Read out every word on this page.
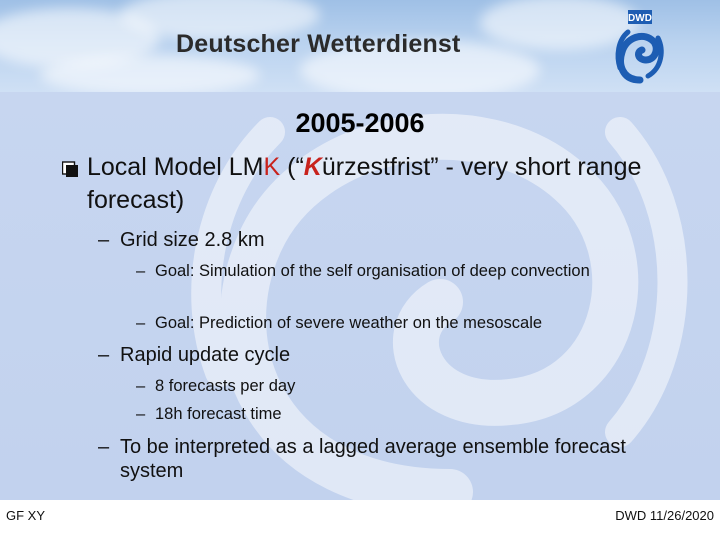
Deutscher Wetterdienst
DWD
2005-2006
Local Model LMK (“Kürzestfrist” - very short range forecast)
– Grid size 2.8 km
– Goal: Simulation of the self organisation of deep convection
– Goal: Prediction of severe weather on the mesoscale
– Rapid update cycle
– 8 forecasts per day
– 18h forecast time
– To be interpreted as a lagged average ensemble forecast system
GF XY	DWD 11/26/2020
